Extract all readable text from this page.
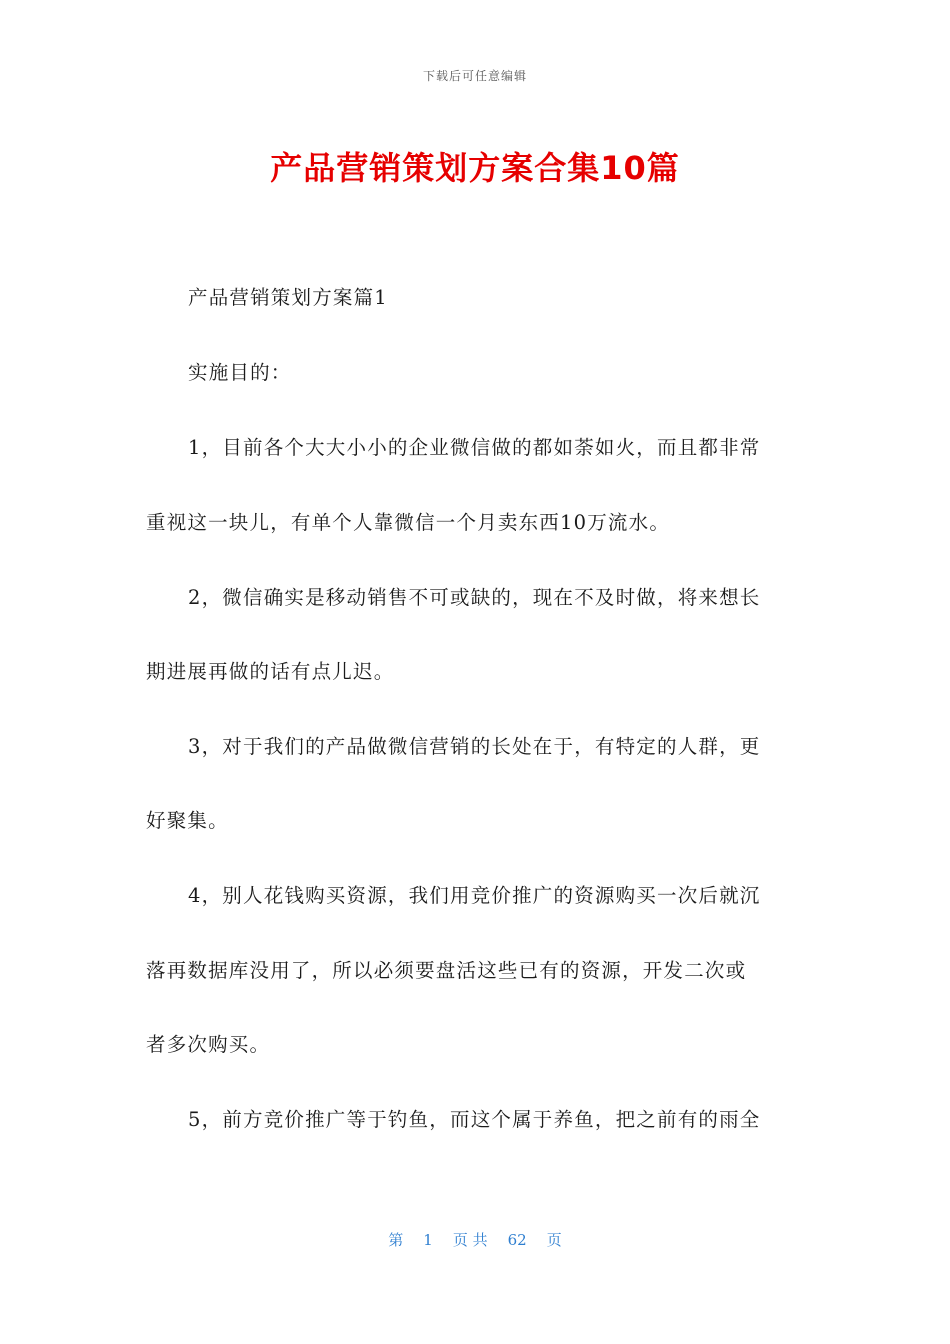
下载后可任意编辑
产品营销策划方案合集10篇
产品营销策划方案篇1
实施目的：
1，目前各个大大小小的企业微信做的都如荼如火，而且都非常
重视这一块儿，有单个人靠微信一个月卖东西10万流水。
2，微信确实是移动销售不可或缺的，现在不及时做，将来想长
期进展再做的话有点儿迟。
3，对于我们的产品做微信营销的长处在于，有特定的人群，更
好聚集。
4，别人花钱购买资源，我们用竞价推广的资源购买一次后就沉
落再数据库没用了，所以必须要盘活这些已有的资源，开发二次或
者多次购买。
5，前方竞价推广等于钓鱼，而这个属于养鱼，把之前有的雨全
第 1 页 共 62 页
